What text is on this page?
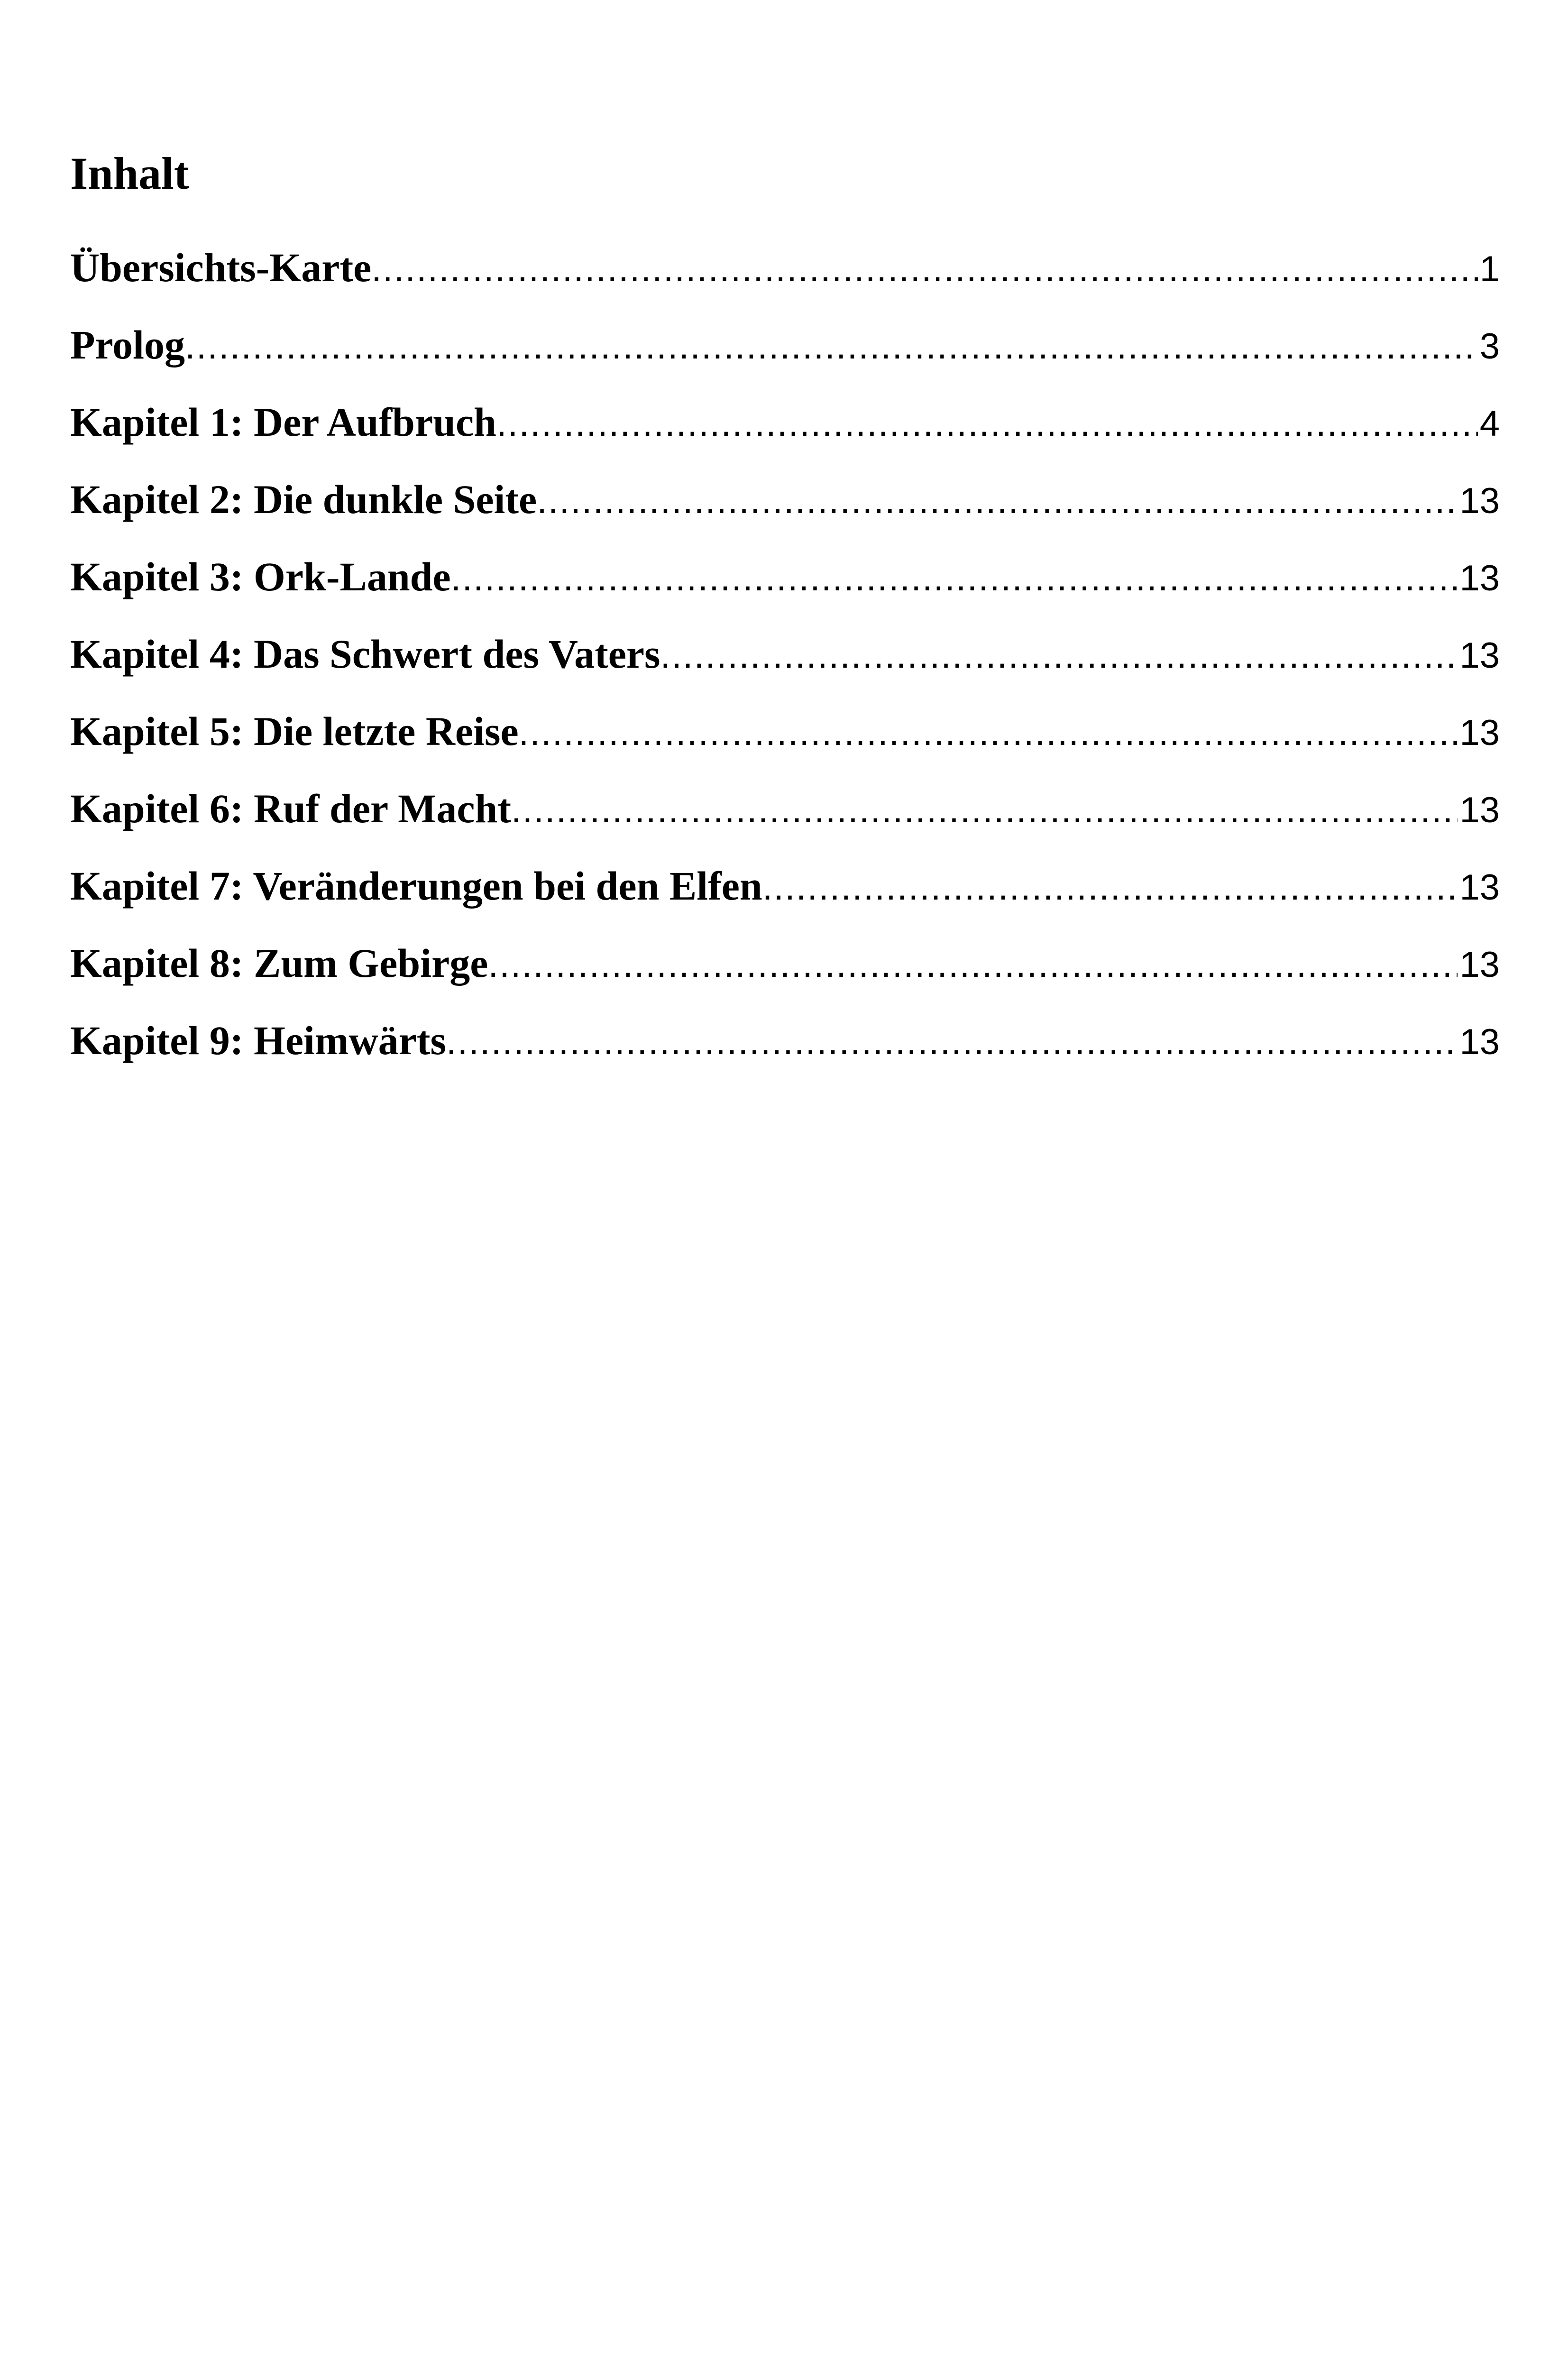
Inhalt
Übersichts-Karte .....	1
Prolog .....	3
Kapitel 1: Der Aufbruch .....	4
Kapitel 2: Die dunkle Seite .....	13
Kapitel 3: Ork-Lande .....	13
Kapitel 4: Das Schwert des Vaters .....	13
Kapitel 5: Die letzte Reise .....	13
Kapitel 6: Ruf der Macht .....	13
Kapitel 7: Veränderungen bei den Elfen .....	13
Kapitel 8: Zum Gebirge .....	13
Kapitel 9: Heimwärts .....	13
